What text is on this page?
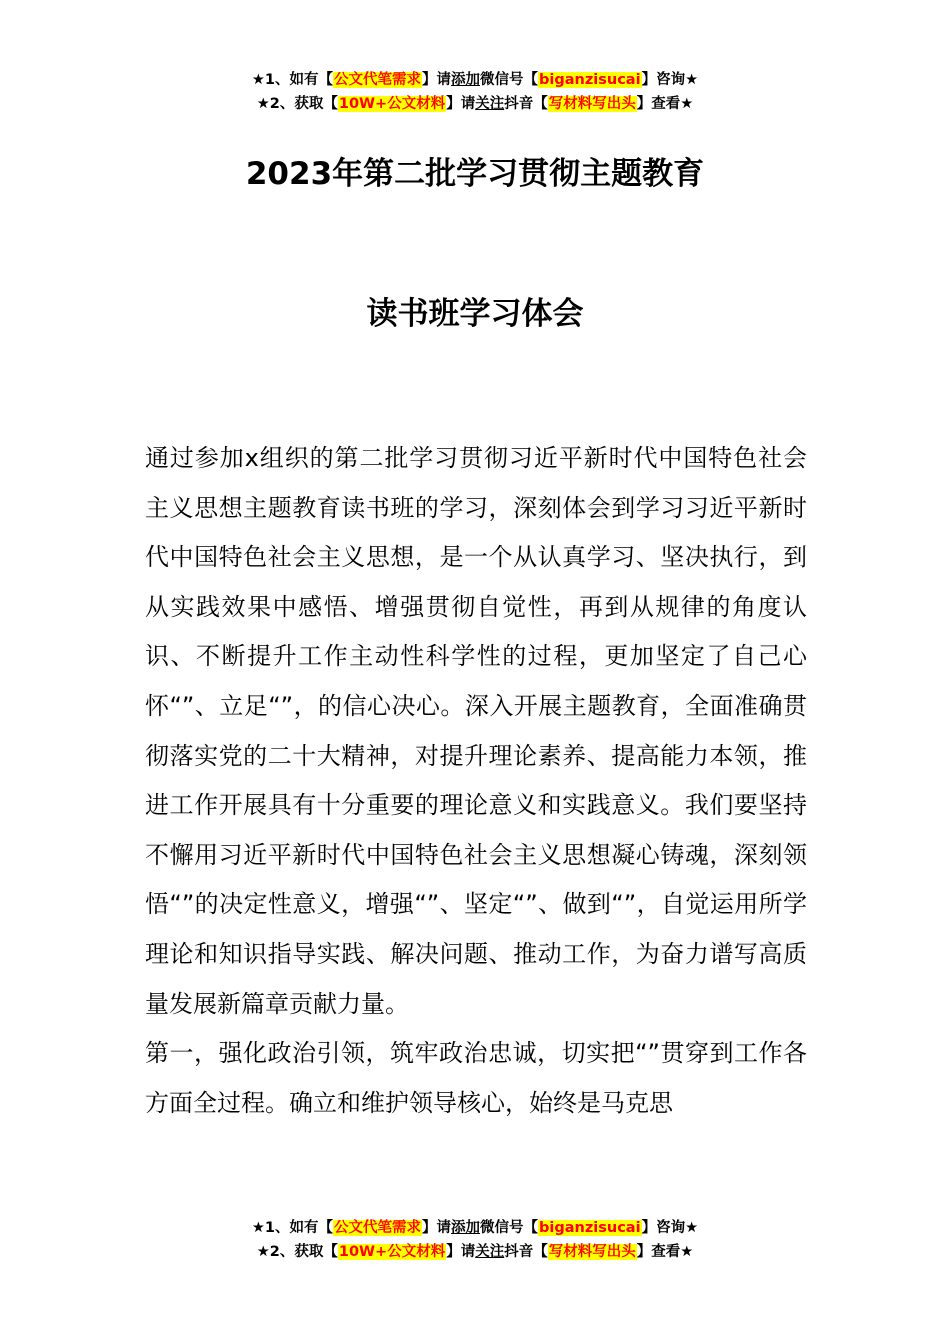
★1、如有【公文代笔需求】请添加微信号【biganzisucai】咨询★
★2、获取【10W+公文材料】请关注抖音【写材料写出头】查看★
2023年第二批学习贯彻主题教育
读书班学习体会

通过参加x组织的第二批学习贯彻习近平新时代中国特色社会主义思想主题教育读书班的学习，深刻体会到学习习近平新时代中国特色社会主义思想，是一个从认真学习、坚决执行，到从实践效果中感悟、增强贯彻自觉性，再到从规律的角度认识、不断提升工作主动性科学性的过程，更加坚定了自己心怀“”、立足“”，的信心决心。深入开展主题教育，全面准确贯彻落实党的二十大精神，对提升理论素养、提高能力本领，推进工作开展具有十分重要的理论意义和实践意义。我们要坚持不懈用习近平新时代中国特色社会主义思想凝心铸魂，深刻领悟“”的决定性意义，增强“”、坚定“”、做到“”，自觉运用所学理论和知识指导实践、解决问题、推动工作，为奋力谱写高质量发展新篇章贡献力量。

第一，强化政治引领，筑牢政治忠诚，切实把“”贯穿到工作各方面全过程。确立和维护领导核心，始终是马克思

★1、如有【公文代笔需求】请添加微信号【biganzisucai】咨询★
★2、获取【10W+公文材料】请关注抖音【写材料写出头】查看★
